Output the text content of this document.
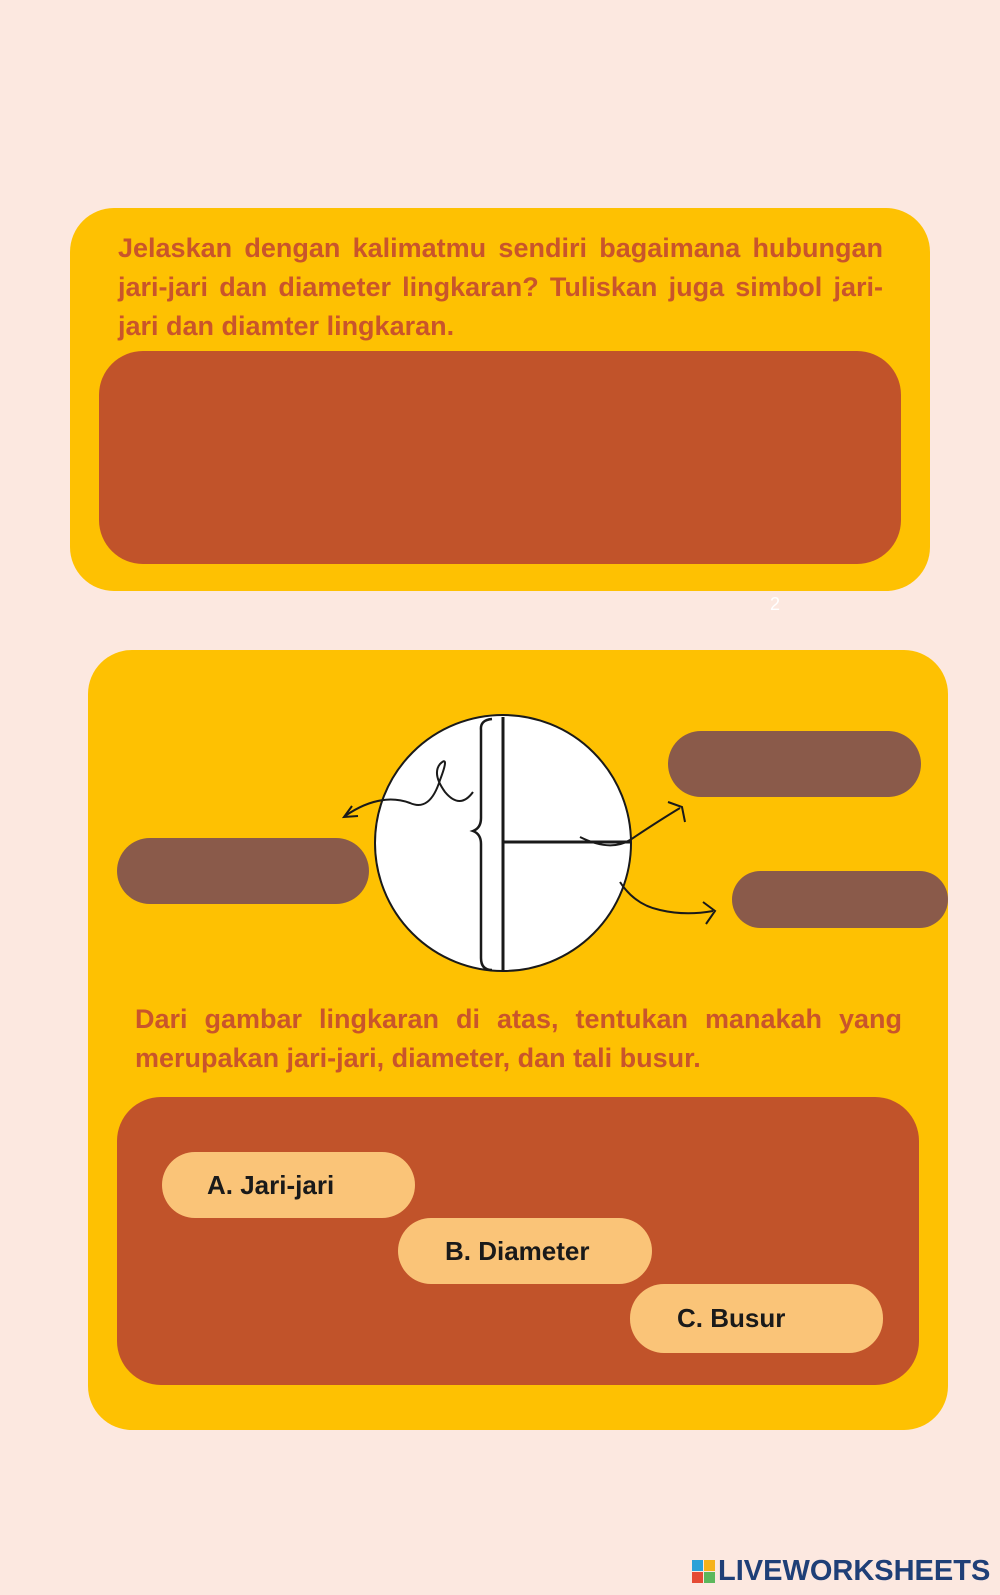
Jelaskan dengan kalimatmu sendiri bagaimana hubungan jari-jari dan diameter lingkaran? Tuliskan juga simbol jari-jari dan diamter lingkaran.
2
Dari gambar lingkaran di atas, tentukan manakah yang merupakan jari-jari, diameter, dan tali busur.
A. Jari-jari
B. Diameter
C. Busur
LIVEWORKSHEETS
